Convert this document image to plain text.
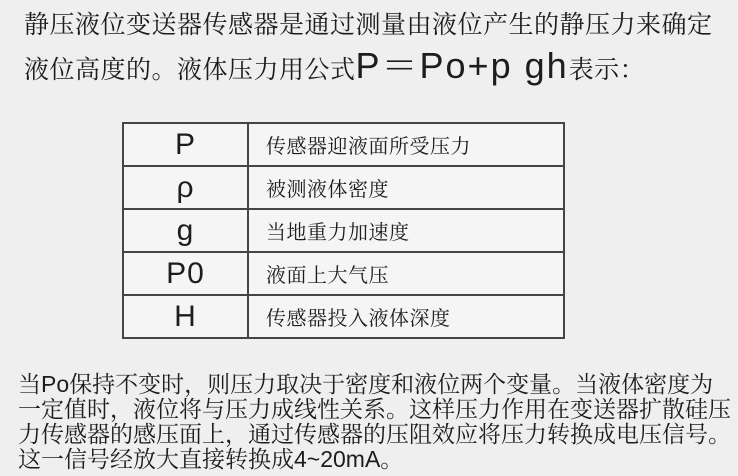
静压液位变送器传感器是通过测量由液位产生的静压力来确定
液位高度的。液体压力用公式 P＝Po+p gh 表示：
P	传感器迎液面所受压力
ρ	被测液体密度
g	当地重力加速度
P0	液面上大气压
H	传感器投入液体深度
当Po保持不变时，则压力取决于密度和液位两个变量。当液体密度为
一定值时，液位将与压力成线性关系。这样压力作用在变送器扩散硅压
力传感器的感压面上，通过传感器的压阻效应将压力转换成电压信号。
这一信号经放大直接转换成4~20mA。
